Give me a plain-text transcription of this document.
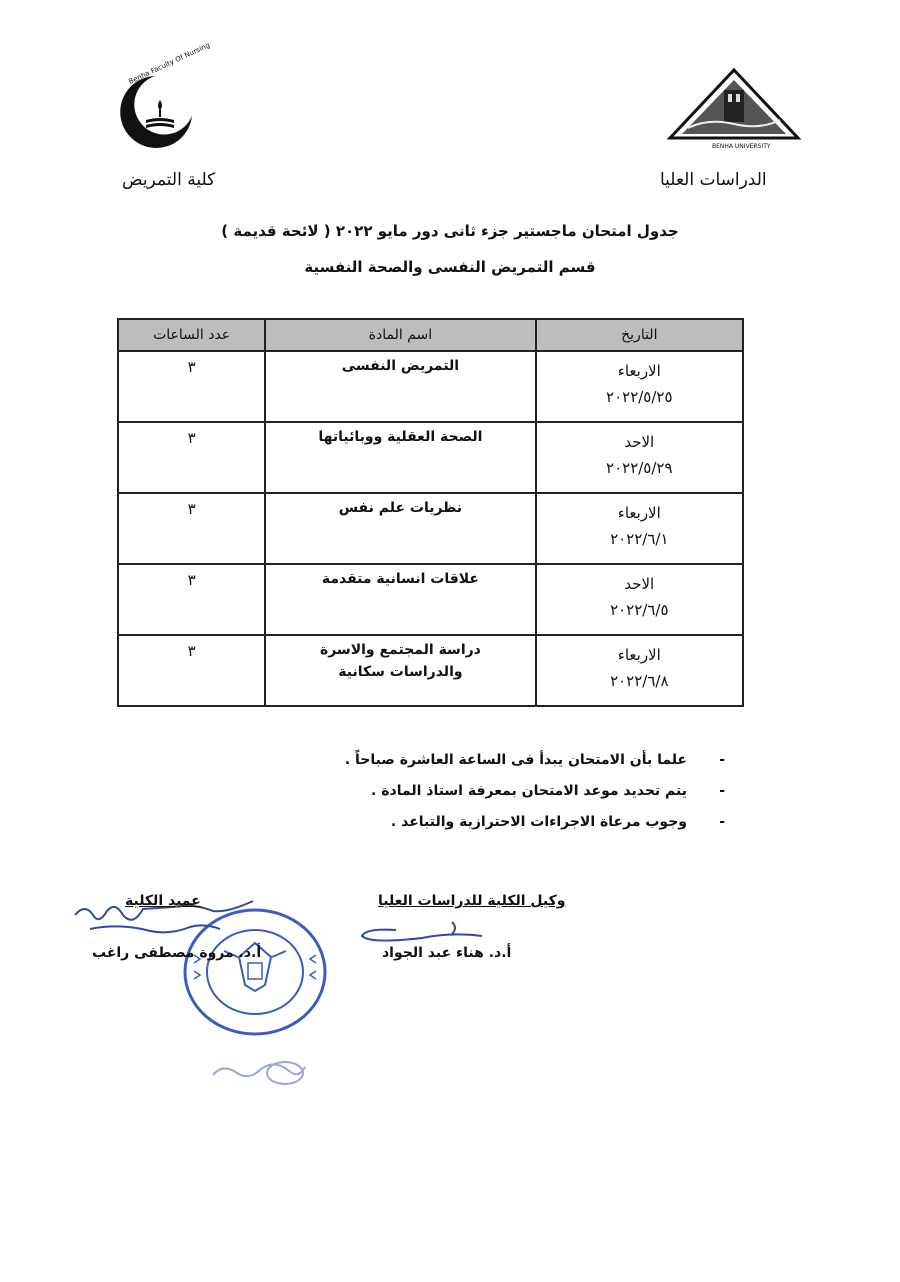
Benha Faculty Of Nursing
BENHA UNIVERSITY
كلية التمريض	الدراسات العليا
جدول امتحان ماجستير جزء ثانى دور مايو ٢٠٢٢ ( لائحة قديمة )
قسم التمريض النفسى والصحة النفسية
التاريخ	اسم المادة	عدد الساعات

الاربعاء
٢٠٢٢/٥/٢٥	التمريض النفسى	٣

الاحد
٢٠٢٢/٥/٢٩	الصحة العقلية ووبائياتها	٣

الاربعاء
٢٠٢٢/٦/١	نظريات علم نفس	٣

الاحد
٢٠٢٢/٦/٥	علاقات انسانية متقدمة	٣

الاربعاء
٢٠٢٢/٦/٨	دراسة المجتمع والاسرة
والدراسات سكانية	٣
-علما بأن الامتحان يبدأ فى الساعة العاشرة صباحاً .
-يتم تحديد موعد الامتحان بمعرفة استاذ المادة .
-وجوب مرعاة الاجراءات الاحترازية والتباعد .
عميد الكلية	وكيل الكلية للدراسات العليا
أ.د. مروة مصطفى راغب	أ.د. هناء عبد الجواد
